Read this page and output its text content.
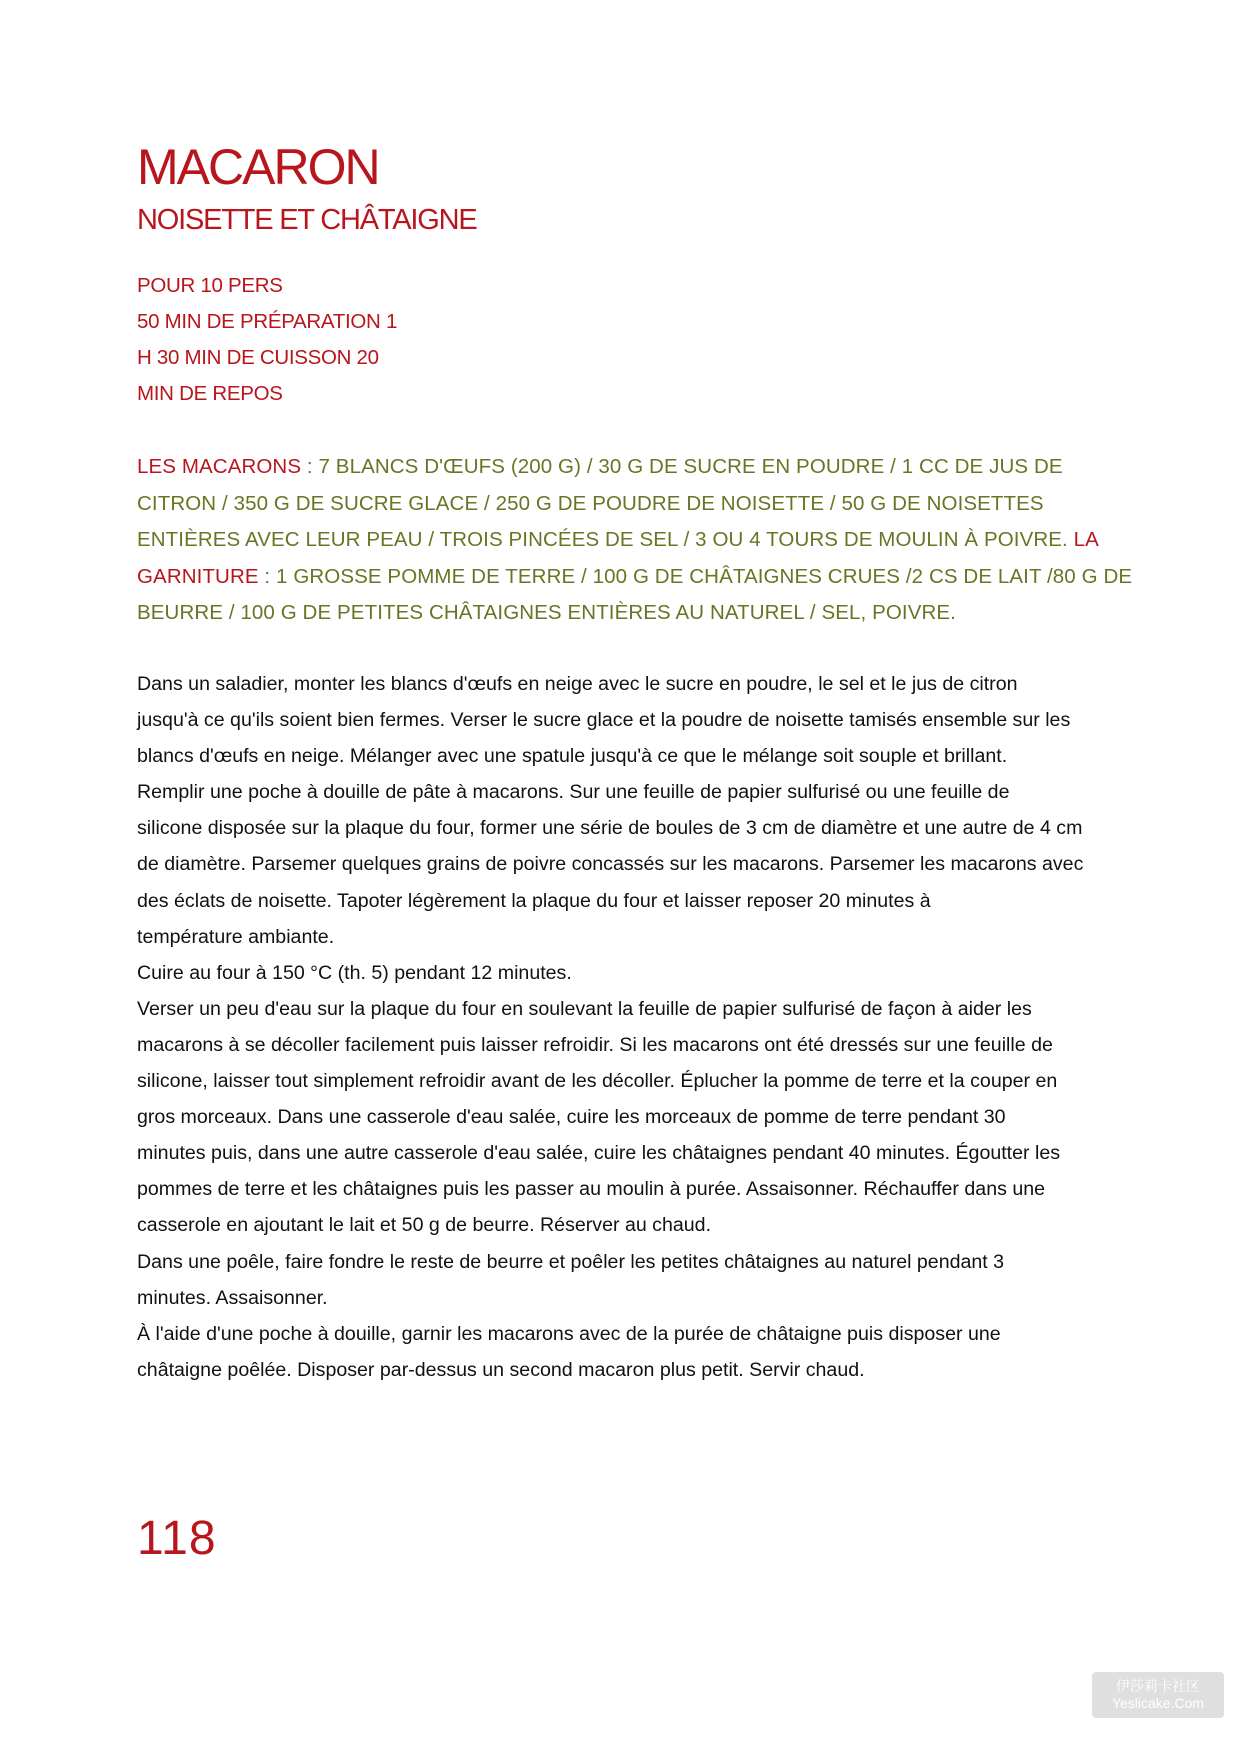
MACARON
NOISETTE ET CHÂTAIGNE
POUR 10 PERS
50 MIN DE PRÉPARATION 1
H 30 MIN DE CUISSON 20
MIN DE REPOS
LES MACARONS : 7 BLANCS D'ŒUFS (200 G) / 30 G DE SUCRE EN POUDRE / 1 CC DE JUS DE
CITRON / 350 G DE SUCRE GLACE / 250 G DE POUDRE DE NOISETTE / 50 G DE NOISETTES
ENTIÈRES AVEC LEUR PEAU / TROIS PINCÉES DE SEL / 3 OU 4 TOURS DE MOULIN À POIVRE. LA
GARNITURE : 1 GROSSE POMME DE TERRE / 100 G DE CHÂTAIGNES CRUES /2 CS DE LAIT /80 G DE
BEURRE / 100 G DE PETITES CHÂTAIGNES ENTIÈRES AU NATUREL / SEL, POIVRE.
Dans un saladier, monter les blancs d'œufs en neige avec le sucre en poudre, le sel et le jus de citron
jusqu'à ce qu'ils soient bien fermes. Verser le sucre glace et la poudre de noisette tamisés ensemble sur les
blancs d'œufs en neige. Mélanger avec une spatule jusqu'à ce que le mélange soit souple et brillant.
Remplir une poche à douille de pâte à macarons. Sur une feuille de papier sulfurisé ou une feuille de
silicone disposée sur la plaque du four, former une série de boules de 3 cm de diamètre et une autre de 4 cm
de diamètre. Parsemer quelques grains de poivre concassés sur les macarons. Parsemer les macarons avec
des éclats de noisette. Tapoter légèrement la plaque du four et laisser reposer 20 minutes à
température ambiante.
Cuire au four à 150 °C (th. 5) pendant 12 minutes.
Verser un peu d'eau sur la plaque du four en soulevant la feuille de papier sulfurisé de façon à aider les
macarons à se décoller facilement puis laisser refroidir. Si les macarons ont été dressés sur une feuille de
silicone, laisser tout simplement refroidir avant de les décoller. Éplucher la pomme de terre et la couper en
gros morceaux. Dans une casserole d'eau salée, cuire les morceaux de pomme de terre pendant 30
minutes puis, dans une autre casserole d'eau salée, cuire les châtaignes pendant 40 minutes. Égoutter les
pommes de terre et les châtaignes puis les passer au moulin à purée. Assaisonner. Réchauffer dans une
casserole en ajoutant le lait et 50 g de beurre. Réserver au chaud.
Dans une poêle, faire fondre le reste de beurre et poêler les petites châtaignes au naturel pendant 3
minutes. Assaisonner.
À l'aide d'une poche à douille, garnir les macarons avec de la purée de châtaigne puis disposer une
châtaigne poêlée. Disposer par-dessus un second macaron plus petit. Servir chaud.
118
伊莎莉卡社区
Yeslicake.Com
